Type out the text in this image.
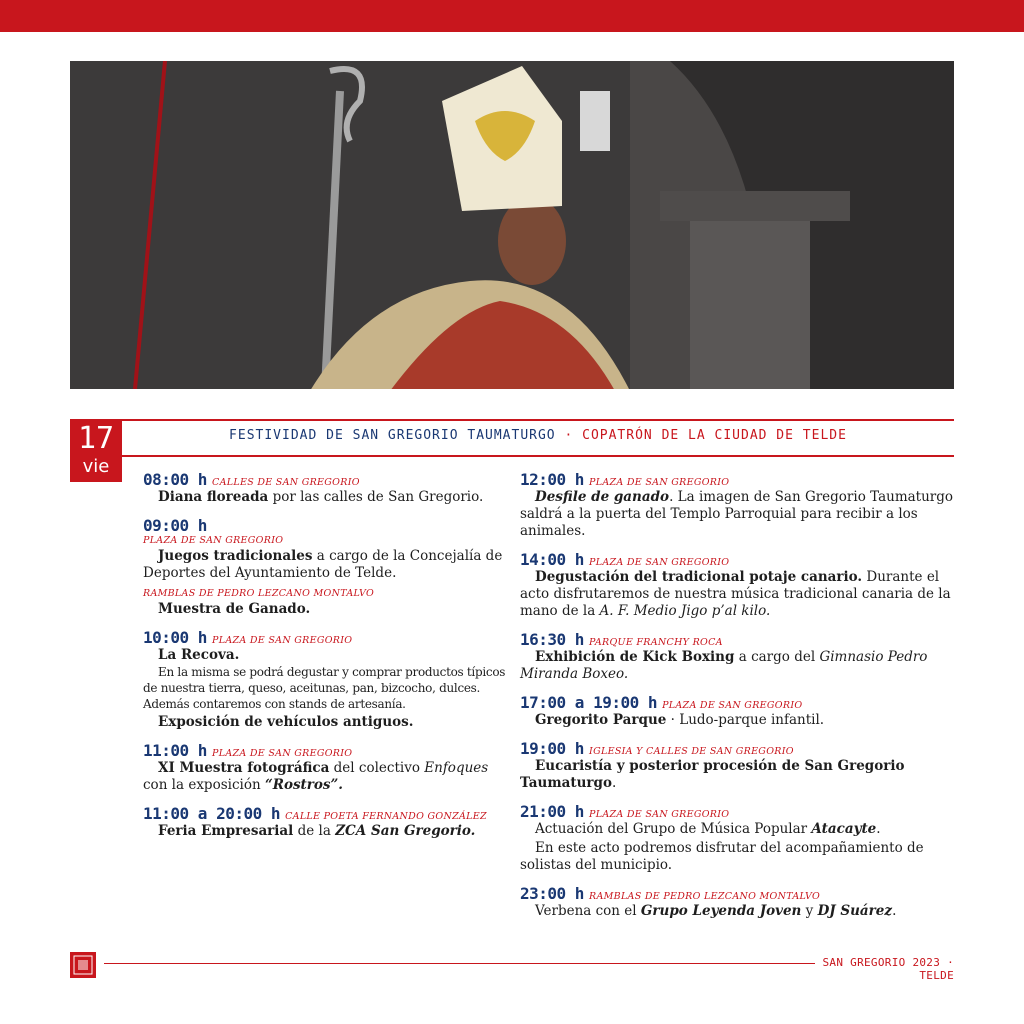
17
vie
FESTIVIDAD DE SAN GREGORIO TAUMATURGO · COPATRÓN DE LA CIUDAD DE TELDE
08:00 h CALLES DE SAN GREGORIO
Diana floreada por las calles de San Gregorio.
09:00 h
PLAZA DE SAN GREGORIO
Juegos tradicionales a cargo de la Concejalía de Deportes del Ayuntamiento de Telde.
RAMBLAS DE PEDRO LEZCANO MONTALVO
Muestra de Ganado.
10:00 h PLAZA DE SAN GREGORIO
La Recova.
En la misma se podrá degustar y comprar productos típicos de nuestra tierra, queso, aceitunas, pan, bizcocho, dulces. Además contaremos con stands de artesanía.
Exposición de vehículos antiguos.
11:00 h PLAZA DE SAN GREGORIO
XI Muestra fotográfica del colectivo Enfoques con la exposición “Rostros”.
11:00 a 20:00 h CALLE POETA FERNANDO GONZÁLEZ
Feria Empresarial de la ZCA San Gregorio.
12:00 h PLAZA DE SAN GREGORIO
Desfile de ganado. La imagen de San Gregorio Taumaturgo saldrá a la puerta del Templo Parroquial para recibir a los animales.
14:00 h PLAZA DE SAN GREGORIO
Degustación del tradicional potaje canario. Durante el acto disfrutaremos de nuestra música tradicional canaria de la mano de la A. F. Medio Jigo p’al kilo.
16:30 h PARQUE FRANCHY ROCA
Exhibición de Kick Boxing a cargo del Gimnasio Pedro Miranda Boxeo.
17:00 a 19:00 h PLAZA DE SAN GREGORIO
Gregorito Parque · Ludo-parque infantil.
19:00 h IGLESIA Y CALLES DE SAN GREGORIO
Eucaristía y posterior procesión de San Gregorio Taumaturgo.
21:00 h PLAZA DE SAN GREGORIO
Actuación del Grupo de Música Popular Atacayte.
En este acto podremos disfrutar del acompañamiento de solistas del municipio.
23:00 h RAMBLAS DE PEDRO LEZCANO MONTALVO
Verbena con el Grupo Leyenda Joven y DJ Suárez.
SAN GREGORIO 2023 · TELDE
